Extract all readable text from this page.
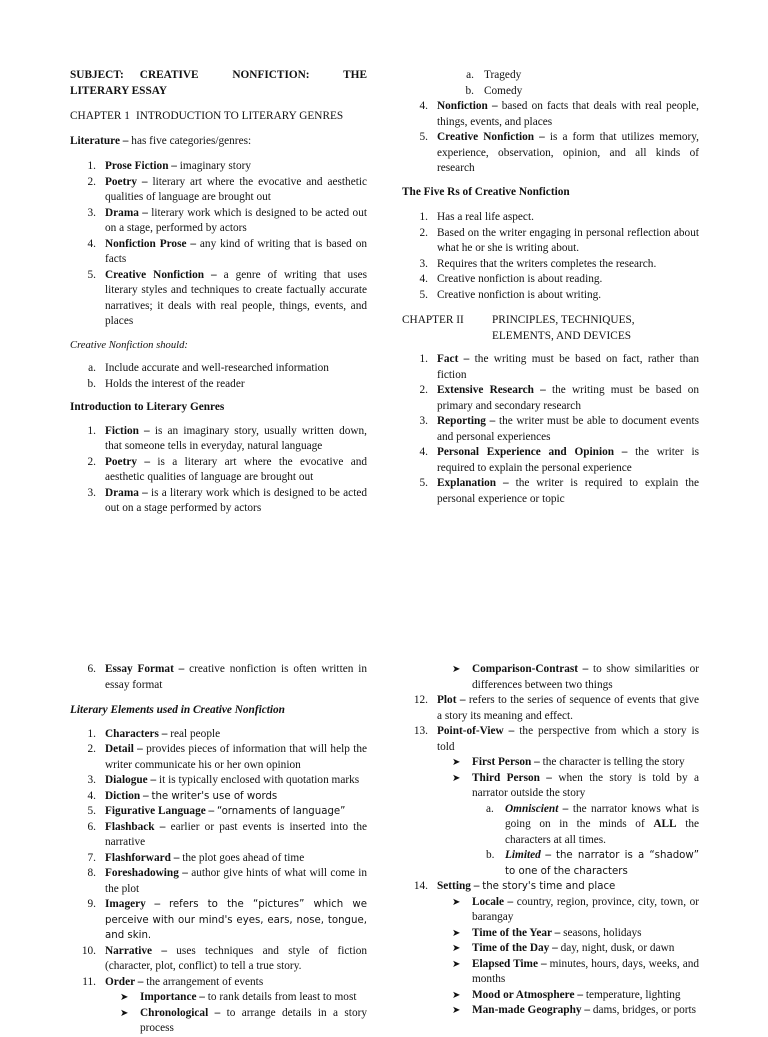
SUBJECT: CREATIVE NONFICTION: THE LITERARY ESSAY
CHAPTER 1 INTRODUCTION TO LITERARY GENRES

Literature – has five categories/genres:

1. Prose Fiction – imaginary story
2. Poetry – literary art where the evocative and aesthetic qualities of language are brought out
3. Drama – literary work which is designed to be acted out on a stage, performed by actors
4. Nonfiction Prose – any kind of writing that is based on facts
5. Creative Nonfiction – a genre of writing that uses literary styles and techniques to create factually accurate narratives; it deals with real people, things, events, and places
Creative Nonfiction should:
a. Include accurate and well-researched information
b. Holds the interest of the reader
Introduction to Literary Genres
1. Fiction – is an imaginary story, usually written down, that someone tells in everyday, natural language
2. Poetry – is a literary art where the evocative and aesthetic qualities of language are brought out
3. Drama – is a literary work which is designed to be acted out on a stage performed by actors
a. Tragedy
b. Comedy
4. Nonfiction – based on facts that deals with real people, things, events, and places
5. Creative Nonfiction – is a form that utilizes memory, experience, observation, opinion, and all kinds of research
The Five Rs of Creative Nonfiction
1. Has a real life aspect.
2. Based on the writer engaging in personal reflection about what he or she is writing about.
3. Requires that the writers completes the research.
4. Creative nonfiction is about reading.
5. Creative nonfiction is about writing.
CHAPTER II	PRINCIPLES, TECHNIQUES, ELEMENTS, AND DEVICES
1. Fact – the writing must be based on fact, rather than fiction
2. Extensive Research – the writing must be based on primary and secondary research
3. Reporting – the writer must be able to document events and personal experiences
4. Personal Experience and Opinion – the writer is required to explain the personal experience
5. Explanation – the writer is required to explain the personal experience or topic
6. Essay Format – creative nonfiction is often written in essay format
Literary Elements used in Creative Nonfiction
1. Characters – real people
2. Detail – provides pieces of information that will help the writer communicate his or her own opinion
3. Dialogue – it is typically enclosed with quotation marks
4. Diction – the writer's use of words
5. Figurative Language – “ornaments of language”
6. Flashback – earlier or past events is inserted into the narrative
7. Flashforward – the plot goes ahead of time
8. Foreshadowing – author give hints of what will come in the plot
9. Imagery – refers to the “pictures” which we perceive with our mind's eyes, ears, nose, tongue, and skin.
10. Narrative – uses techniques and style of fiction (character, plot, conflict) to tell a true story.
11. Order – the arrangement of events
➤ Importance – to rank details from least to most
➤ Chronological – to arrange details in a story process
➤ Comparison-Contrast – to show similarities or differences between two things
12. Plot – refers to the series of sequence of events that give a story its meaning and effect.
13. Point-of-View – the perspective from which a story is told
➤ First Person – the character is telling the story
➤ Third Person – when the story is told by a narrator outside the story
a. Omniscient – the narrator knows what is going on in the minds of ALL the characters at all times.
b. Limited – the narrator is a “shadow” to one of the characters
14. Setting – the story's time and place
➤ Locale – country, region, province, city, town, or barangay
➤ Time of the Year – seasons, holidays
➤ Time of the Day – day, night, dusk, or dawn
➤ Elapsed Time – minutes, hours, days, weeks, and months
➤ Mood or Atmosphere – temperature, lighting
➤ Man-made Geography – dams, bridges, or ports
